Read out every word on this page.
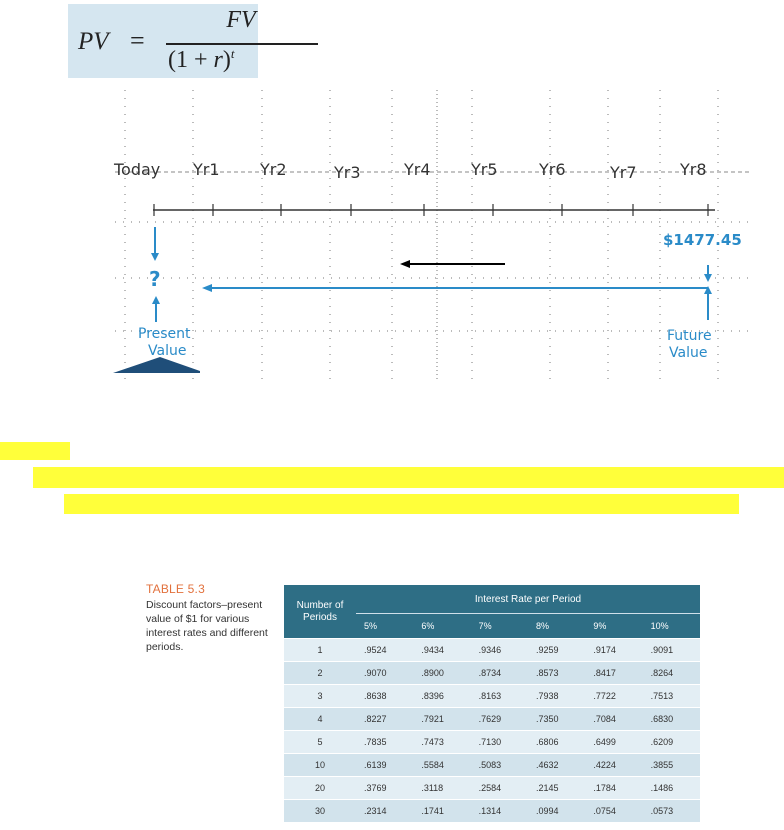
PV =
FV
$(1 + r)^t$
Today Yr1	Yr2	Yr3	Yr4	Yr5	Yr6	Yr7	Yr8
$1477.45
?
Present
Value
Future
Value
TABLE 5.3
Discount factors–present value of $1 for various interest rates and different periods.
Number of
Periods	Interest Rate per Period					
	5%	6%	7%	8%	9%	10%
1	.9524	.9434	.9346	.9259	.9174	.9091
2	.9070	.8900	.8734	.8573	.8417	.8264
3	.8638	.8396	.8163	.7938	.7722	.7513
4	.8227	.7921	.7629	.7350	.7084	.6830
5	.7835	.7473	.7130	.6806	.6499	.6209
10	.6139	.5584	.5083	.4632	.4224	.3855
20	.3769	.3118	.2584	.2145	.1784	.1486
30	.2314	.1741	.1314	.0994	.0754	.0573
